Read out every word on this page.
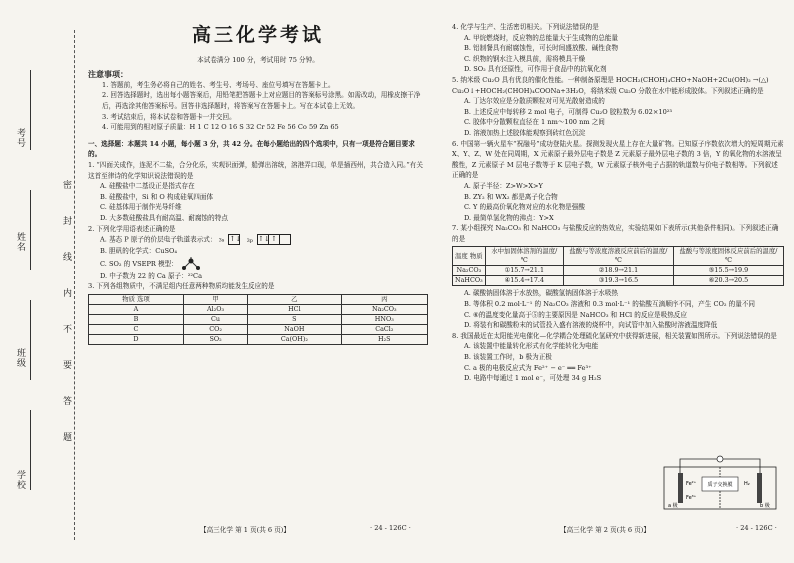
考号
姓名
班级
学校
密
封
线
内
不
要
答
题
高三化学考试

本试卷满分 100 分，考试用时 75 分钟。

注意事项：

1. 答题前，考生务必将自己的姓名、考生号、考场号、座位号填写在答题卡上。

2. 回答选择题时，选出每小题答案后，用铅笔把答题卡上对应题目的答案标号涂黑。如需改动，用橡皮擦干净后，再选涂其他答案标号。回答非选择题时，将答案写在答题卡上。写在本试卷上无效。

3. 考试结束后，将本试卷和答题卡一并交回。

4. 可能用到的相对原子质量：H 1 C 12 O 16 S 32 Cr 52 Fe 56 Co 59 Zn 65

一、选择题：本题共 14 小题，每小题 3 分，共 42 分。在每小题给出的四个选项中，只有一项是符合题目要求的。

1. “四面关成作，连泥不二盐，合分化乐，实观识面弹，船弹出溶统，溶港弄口现，单是插西州，共合造入同。”有关这首至律诗的化学知识说法错误的是

A. 硅酸盐中二基设正是指式存在

B. 硅酸盐中，Si 和 O 构成硅氧四面体

C. 硅基体用于制作光导纤维

D. 大多数硅酸盐具有耐高温、耐腐蚀的特点

2. 下列化学用语表述正确的是

A. 基态 P 原子的价层电子轨道表示式： 3s ↑↓ 3p ↑↓ ↑

B. 胆矾的化学式：CuSO₄

C. SO₂ 的 VSEPR 模型：

D. 中子数为 22 的 Ca 原子：²²Ca

3. 下列各组物质中，不满足组内任意两种物质均能发生反应的是

物质 选项	甲	乙	丙
A	Al₂O₃	HCl	Na₂CO₃
B	Cu	S	HNO₃
C	CO₂	NaOH	CaCl₂
D	SO₂	Ca(OH)₂	H₂S

4. 化学与生产、生活密切相关。下列说法错误的是

A. 甲烷燃烧时，反应物的总能量大于生成物的总能量

B. 铝制餐具有耐腐蚀性，可长时间盛放酸、碱性食物

C. 织物的钢水注入模具前，需将模具干燥

D. SO₂ 具有还原性，可作用于食品中的抗氧化剂

5. 纳米级 Cu₂O 具有优良的催化性能。一种制备原理是 HOCH₂(CHOH)₄CHO+NaOH+2Cu(OH)₂ →(△) Cu₂O↓+HOCH₂(CHOH)₄COONa+3H₂O，将纳米级 Cu₂O 分散在水中能形成胶体。下列叙述正确的是

A. 丁达尔效应是分散质颗粒对可见光散射造成的

B. 上述反应中每转移 2 mol 电子，可制得 Cu₂O 胶粒数为 6.02×10²³

C. 胶体中分散颗粒直径在 1 nm～100 nm 之间

D. 溶液加热上述胶体能观察到砖红色沉淀

6. 中国第一辆火星车“祝融号”成功登陆火星。探测发现火星上存在大量矿物。已知原子序数依次增大的短周期元素 X、Y、Z、W 处在同周期，X 元素原子最外层电子数是 Z 元素原子最外层电子数的 3 倍，Y 的氧化物的水溶液呈酸性，Z 元素原子 M 层电子数等于 K 层电子数，W 元素原子核外电子占据的轨道数与价电子数相等。下列叙述正确的是

A. 原子半径：Z>W>X>Y

B. ZY₂ 和 WX₂ 都是离子化合物

C. Y 的最高价氧化物对应的水化物是强酸

D. 最简单氢化物的沸点：Y>X

7. 某小组探究 Na₂CO₃ 和 NaHCO₃ 与盐酸反应的热效应，实验结果如下表所示(其他条件相同)。下列叙述正确的是

温度 物质	水中加固体溶剂的温度/℃	盐酸与等浓度溶液反应前后的温度/℃	盐酸与等浓度固体反应前后的温度/℃
Na₂CO₃	①15.7→21.1	②18.9→21.1	⑤15.5→19.9
NaHCO₃	④15.4→17.4	③19.3→16.5	⑥20.3→20.5

A. 碳酸钠固体溶于水放热，碳酸氢钠固体溶于水吸热

B. 等体积 0.2 mol·L⁻¹ 的 Na₂CO₃ 溶液和 0.3 mol·L⁻¹ 的盐酸互滴顺序不同，产生 CO₂ 的量不同

C. ⑥的温度变化量高于⑤的主要原因是 NaHCO₃ 和 HCl 的反应是吸热反应

D. 将装有和碳酸粉末的试管投入盛有溶液的烧杯中，向试管中加入盐酸时溶液温度降低

8. 我国最近在太阳能光电催化—化学耦合处理硫化氢研究中获得新进展，相关装置如图所示。下列说法错误的是

A. 该装置中能量转化形式有化学能转化为电能

B. 该装置工作时，b 极为正极

C. a 极的电极反应式为 Fe²⁺ − e⁻ ══ Fe³⁺

D. 电路中每通过 1 mol e⁻，可处理 34 g H₂S

质子交换膜
a 极	b 极
H₂
Fe²⁺
Fe³⁺
【高三化学 第 1 页(共 6 页)】	· 24 - 126C ·	【高三化学 第 2 页(共 6 页)】	· 24 - 126C ·
